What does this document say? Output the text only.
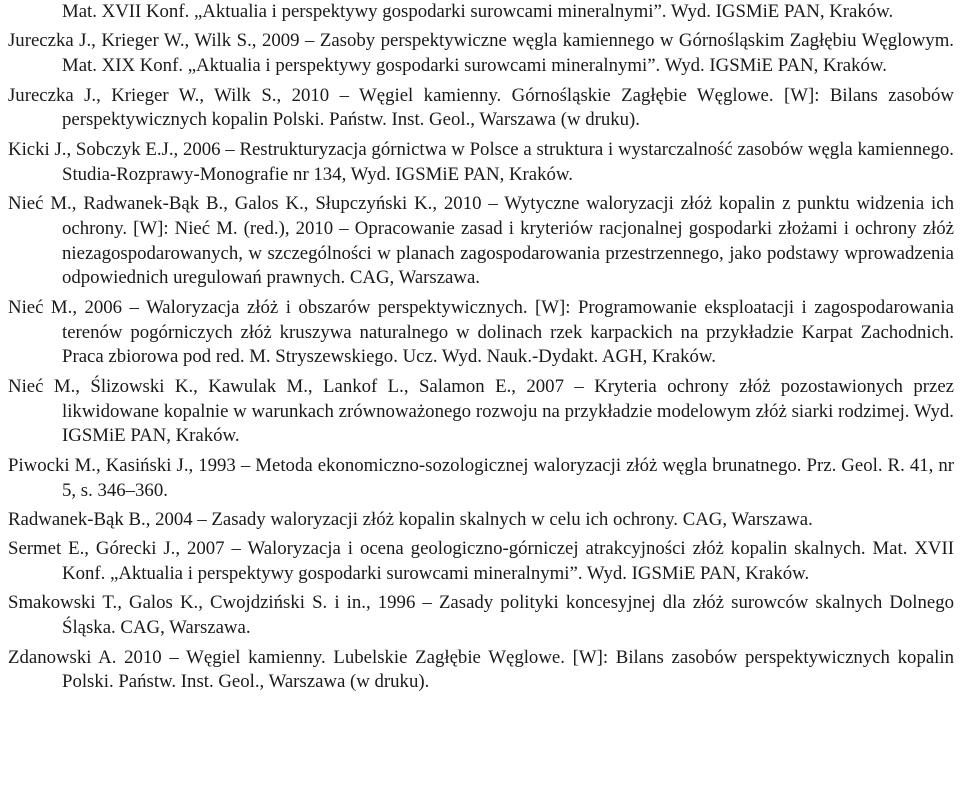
Mat. XVII Konf. „Aktualia i perspektywy gospodarki surowcami mineralnymi”. Wyd. IGSMiE PAN, Kraków.

Jureczka J., Krieger W., Wilk S., 2009 – Zasoby perspektywiczne węgla kamiennego w Górnośląskim Zagłębiu Węglowym. Mat. XIX Konf. „Aktualia i perspektywy gospodarki surowcami mineralnymi”. Wyd. IGSMiE PAN, Kraków.

Jureczka J., Krieger W., Wilk S., 2010 – Węgiel kamienny. Górnośląskie Zagłębie Węglowe. [W]: Bilans zasobów perspektywicznych kopalin Polski. Państw. Inst. Geol., Warszawa (w druku).

Kicki J., Sobczyk E.J., 2006 – Restrukturyzacja górnictwa w Polsce a struktura i wystarczalność zasobów węgla kamiennego. Studia-Rozprawy-Monografie nr 134, Wyd. IGSMiE PAN, Kraków.

Nieć M., Radwanek-Bąk B., Galos K., Słupczyński K., 2010 – Wytyczne waloryzacji złóż kopalin z punktu widzenia ich ochrony. [W]: Nieć M. (red.), 2010 – Opracowanie zasad i kryteriów racjonalnej gospodarki złożami i ochrony złóż niezagospodarowanych, w szczególności w planach zagospodarowania przestrzennego, jako podstawy wprowadzenia odpowiednich uregulowań prawnych. CAG, Warszawa.

Nieć M., 2006 – Waloryzacja złóż i obszarów perspektywicznych. [W]: Programowanie eksploatacji i zagospodarowania terenów pogórniczych złóż kruszywa naturalnego w dolinach rzek karpackich na przykładzie Karpat Zachodnich. Praca zbiorowa pod red. M. Stryszewskiego. Ucz. Wyd. Nauk.-Dydakt. AGH, Kraków.

Nieć M., Ślizowski K., Kawulak M., Lankof L., Salamon E., 2007 – Kryteria ochrony złóż pozostawionych przez likwidowane kopalnie w warunkach zrównoważonego rozwoju na przykładzie modelowym złóż siarki rodzimej. Wyd. IGSMiE PAN, Kraków.

Piwocki M., Kasiński J., 1993 – Metoda ekonomiczno-sozologicznej waloryzacji złóż węgla brunatnego. Prz. Geol. R. 41, nr 5, s. 346–360.

Radwanek-Bąk B., 2004 – Zasady waloryzacji złóż kopalin skalnych w celu ich ochrony. CAG, Warszawa.

Sermet E., Górecki J., 2007 – Waloryzacja i ocena geologiczno-górniczej atrakcyjności złóż kopalin skalnych. Mat. XVII Konf. „Aktualia i perspektywy gospodarki surowcami mineralnymi”. Wyd. IGSMiE PAN, Kraków.

Smakowski T., Galos K., Cwojdziński S. i in., 1996 – Zasady polityki koncesyjnej dla złóż surowców skalnych Dolnego Śląska. CAG, Warszawa.

Zdanowski A. 2010 – Węgiel kamienny. Lubelskie Zagłębie Węglowe. [W]: Bilans zasobów perspektywicznych kopalin Polski. Państw. Inst. Geol., Warszawa (w druku).
